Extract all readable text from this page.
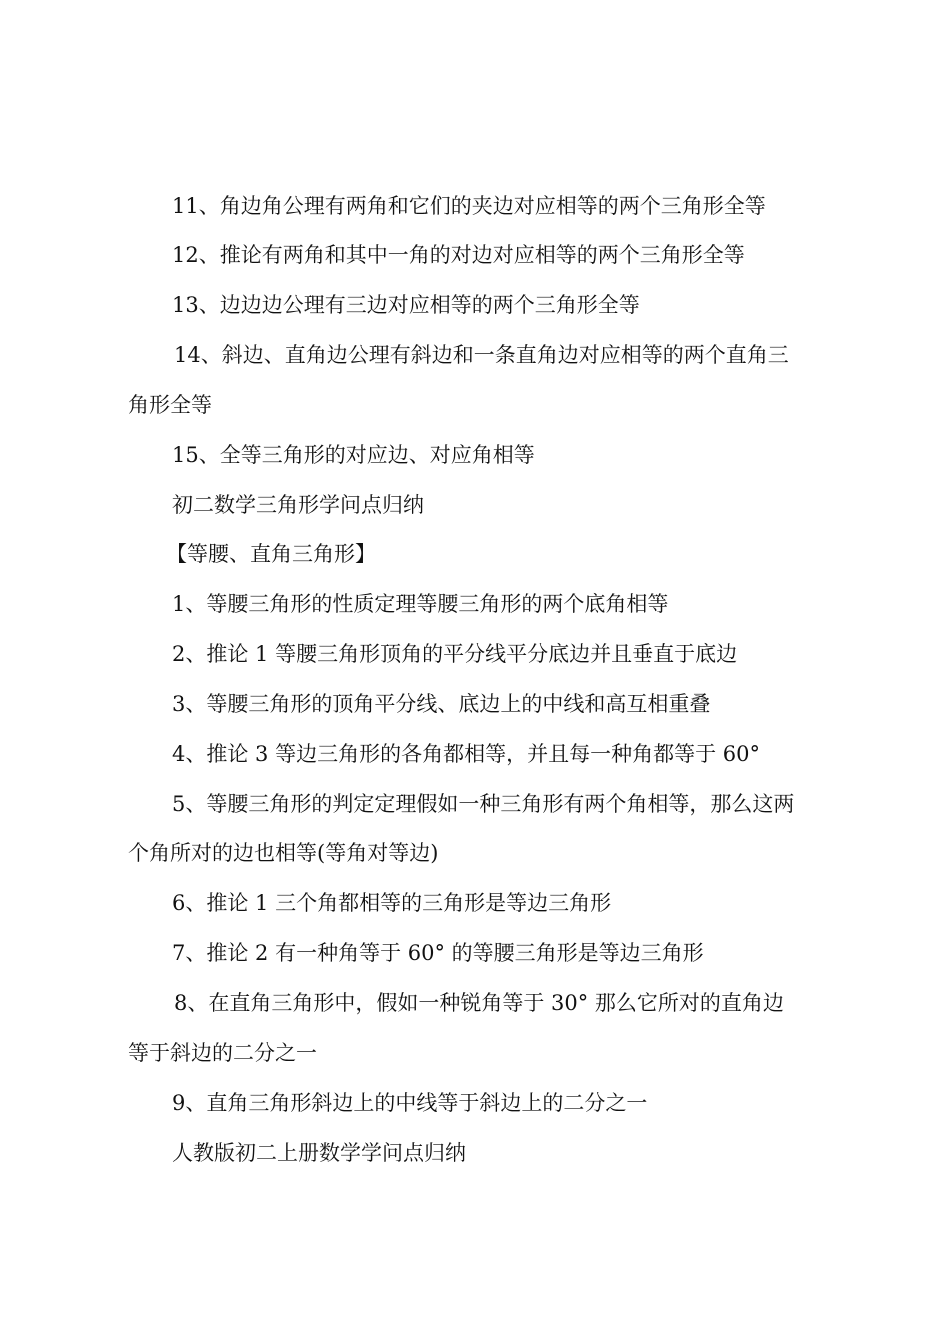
11、角边角公理有两角和它们的夹边对应相等的两个三角形全等

12、推论有两角和其中一角的对边对应相等的两个三角形全等

13、边边边公理有三边对应相等的两个三角形全等

14、斜边、直角边公理有斜边和一条直角边对应相等的两个直角三

角形全等

15、全等三角形的对应边、对应角相等

初二数学三角形学问点归纳

【等腰、直角三角形】

1、等腰三角形的性质定理等腰三角形的两个底角相等

2、推论 1 等腰三角形顶角的平分线平分底边并且垂直于底边

3、等腰三角形的顶角平分线、底边上的中线和高互相重叠

4、推论 3 等边三角形的各角都相等，并且每一种角都等于 60°

5、等腰三角形的判定定理假如一种三角形有两个角相等，那么这两

个角所对的边也相等(等角对等边)

6、推论 1 三个角都相等的三角形是等边三角形

7、推论 2 有一种角等于 60° 的等腰三角形是等边三角形

8、在直角三角形中，假如一种锐角等于 30° 那么它所对的直角边

等于斜边的二分之一

9、直角三角形斜边上的中线等于斜边上的二分之一

人教版初二上册数学学问点归纳
